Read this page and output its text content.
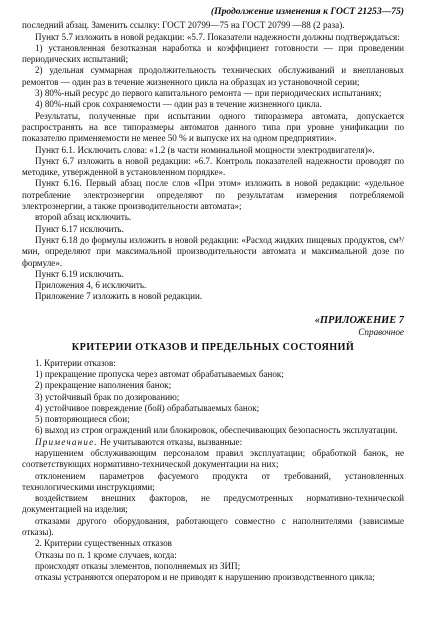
(Продолжение изменения к ГОСТ 21253—75)

последний абзац. Заменить ссылку: ГОСТ 20799—75 на ГОСТ 20799 —88 (2 раза).

Пункт 5.7 изложить в новой редакции: «5.7. Показатели надежности должны подтверждаться:

1) установленная безотказная наработка и коэффициент готовности — при проведении периодических испытаний;

2) удельная суммарная продолжительность технических обслуживаний и внеплановых ремонтов — один раз в течение жизненного цикла на образцах из установочной серии;

3) 80%-ный ресурс до первого капитального ремонта — при периодических испытаниях;

4) 80%-ный срок сохраняемости — один раз в течение жизненного цикла.

Результаты, полученные при испытании одного типоразмера автомата, допускается распространять на все типоразмеры автоматов данного типа при уровне унификации по показателю применяемости не менее 50 % и выпуске их на одном предприятии».

Пункт 6.1. Исключить слова: «1.2 (в части номинальной мощности электродвигателя)».

Пункт 6.7 изложить в новой редакции: «6.7. Контроль показателей надежности проводят по методике, утвержденной в установленном порядке».

Пункт 6.16. Первый абзац после слов «При этом» изложить в новой редакции: «удельное потребление электроэнергии определяют по результатам измерения потребляемой электроэнергии, а также производительности автомата»;

второй абзац исключить.

Пункт 6.17 исключить.

Пункт 6.18 до формулы изложить в новой редакции: «Расход жидких пищевых продуктов, см³/мин, определяют при максимальной производительности автомата и максимальной дозе по формуле».

Пункт 6.19 исключить.

Приложения 4, 6 исключить.

Приложение 7 изложить в новой редакции.

«ПРИЛОЖЕНИЕ 7
Справочное
КРИТЕРИИ ОТКАЗОВ И ПРЕДЕЛЬНЫХ СОСТОЯНИЙ

1. Критерии отказов:

1) прекращение пропуска через автомат обрабатываемых банок;

2) прекращение наполнения банок;

3) устойчивый брак по дозированию;

4) устойчивое повреждение (бой) обрабатываемых банок;

5) повторяющиеся сбои;

6) выход из строя ограждений или блокировок, обеспечивающих безопасность эксплуатации.

Примечание. Не учитываются отказы, вызванные:

нарушением обслуживающим персоналом правил эксплуатации; обработкой банок, не соответствующих нормативно-технической документации на них;

отклонением параметров фасуемого продукта от требований, установленных технологическими инструкциями;

воздействием внешних факторов, не предусмотренных нормативно-технической документацией на изделия;

отказами другого оборудования, работающего совместно с наполнителями (зависимые отказы).

2. Критерии существенных отказов

Отказы по п. 1 кроме случаев, когда:

происходят отказы элементов, пополняемых из ЗИП;

отказы устраняются оператором и не приводят к нарушению производственного цикла;
